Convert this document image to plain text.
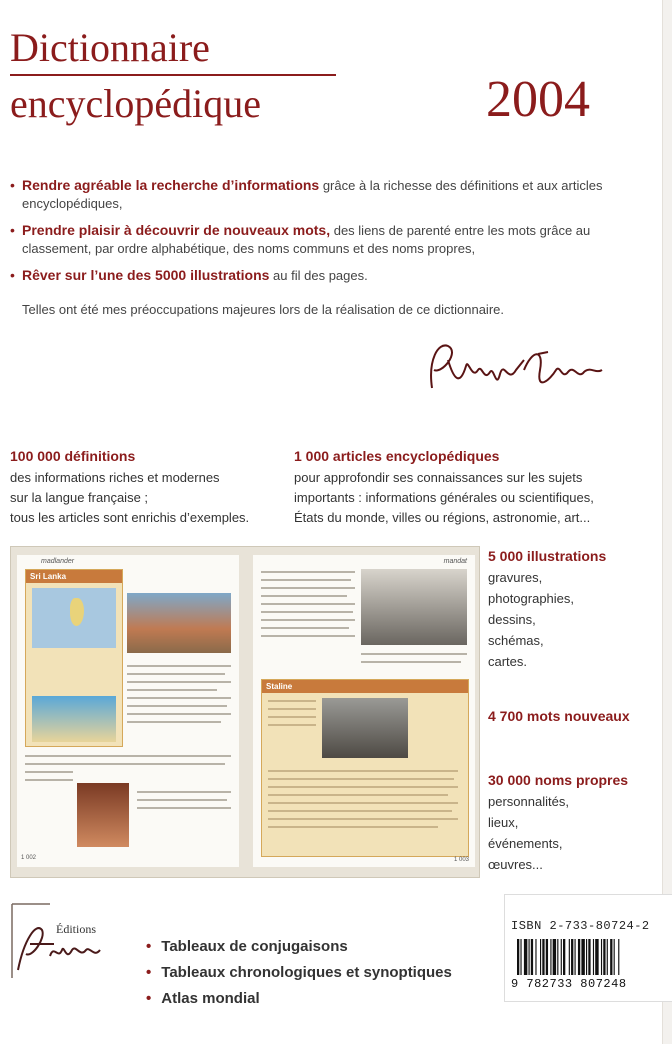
Dictionnaire
encyclopédique	2004
• Rendre agréable la recherche d’informations grâce à la richesse des définitions et aux articles encyclopédiques,
• Prendre plaisir à découvrir de nouveaux mots, des liens de parenté entre les mots grâce au classement, par ordre alphabétique, des noms communs et des noms propres,
• Rêver sur l’une des 5000 illustrations au fil des pages.
Telles ont été mes préoccupations majeures lors de la réalisation de ce dictionnaire.
100 000 définitions
des informations riches et modernes
sur la langue française ;
tous les articles sont enrichis d’exemples.
1 000 articles encyclopédiques
pour approfondir ses connaissances sur les sujets
importants : informations générales ou scientifiques,
États du monde, villes ou régions, astronomie, art...
madlander
Sri Lanka
1 002
mandat
Staline
1 003
5 000 illustrations
gravures,
photographies,
dessins,
schémas,
cartes.
4 700 mots nouveaux
30 000 noms propres
personnalités,
lieux,
événements,
œuvres...
Éditions
• Tableaux de conjugaisons
• Tableaux chronologiques et synoptiques
• Atlas mondial
ISBN 2-733-80724-2
9 782733 807248
